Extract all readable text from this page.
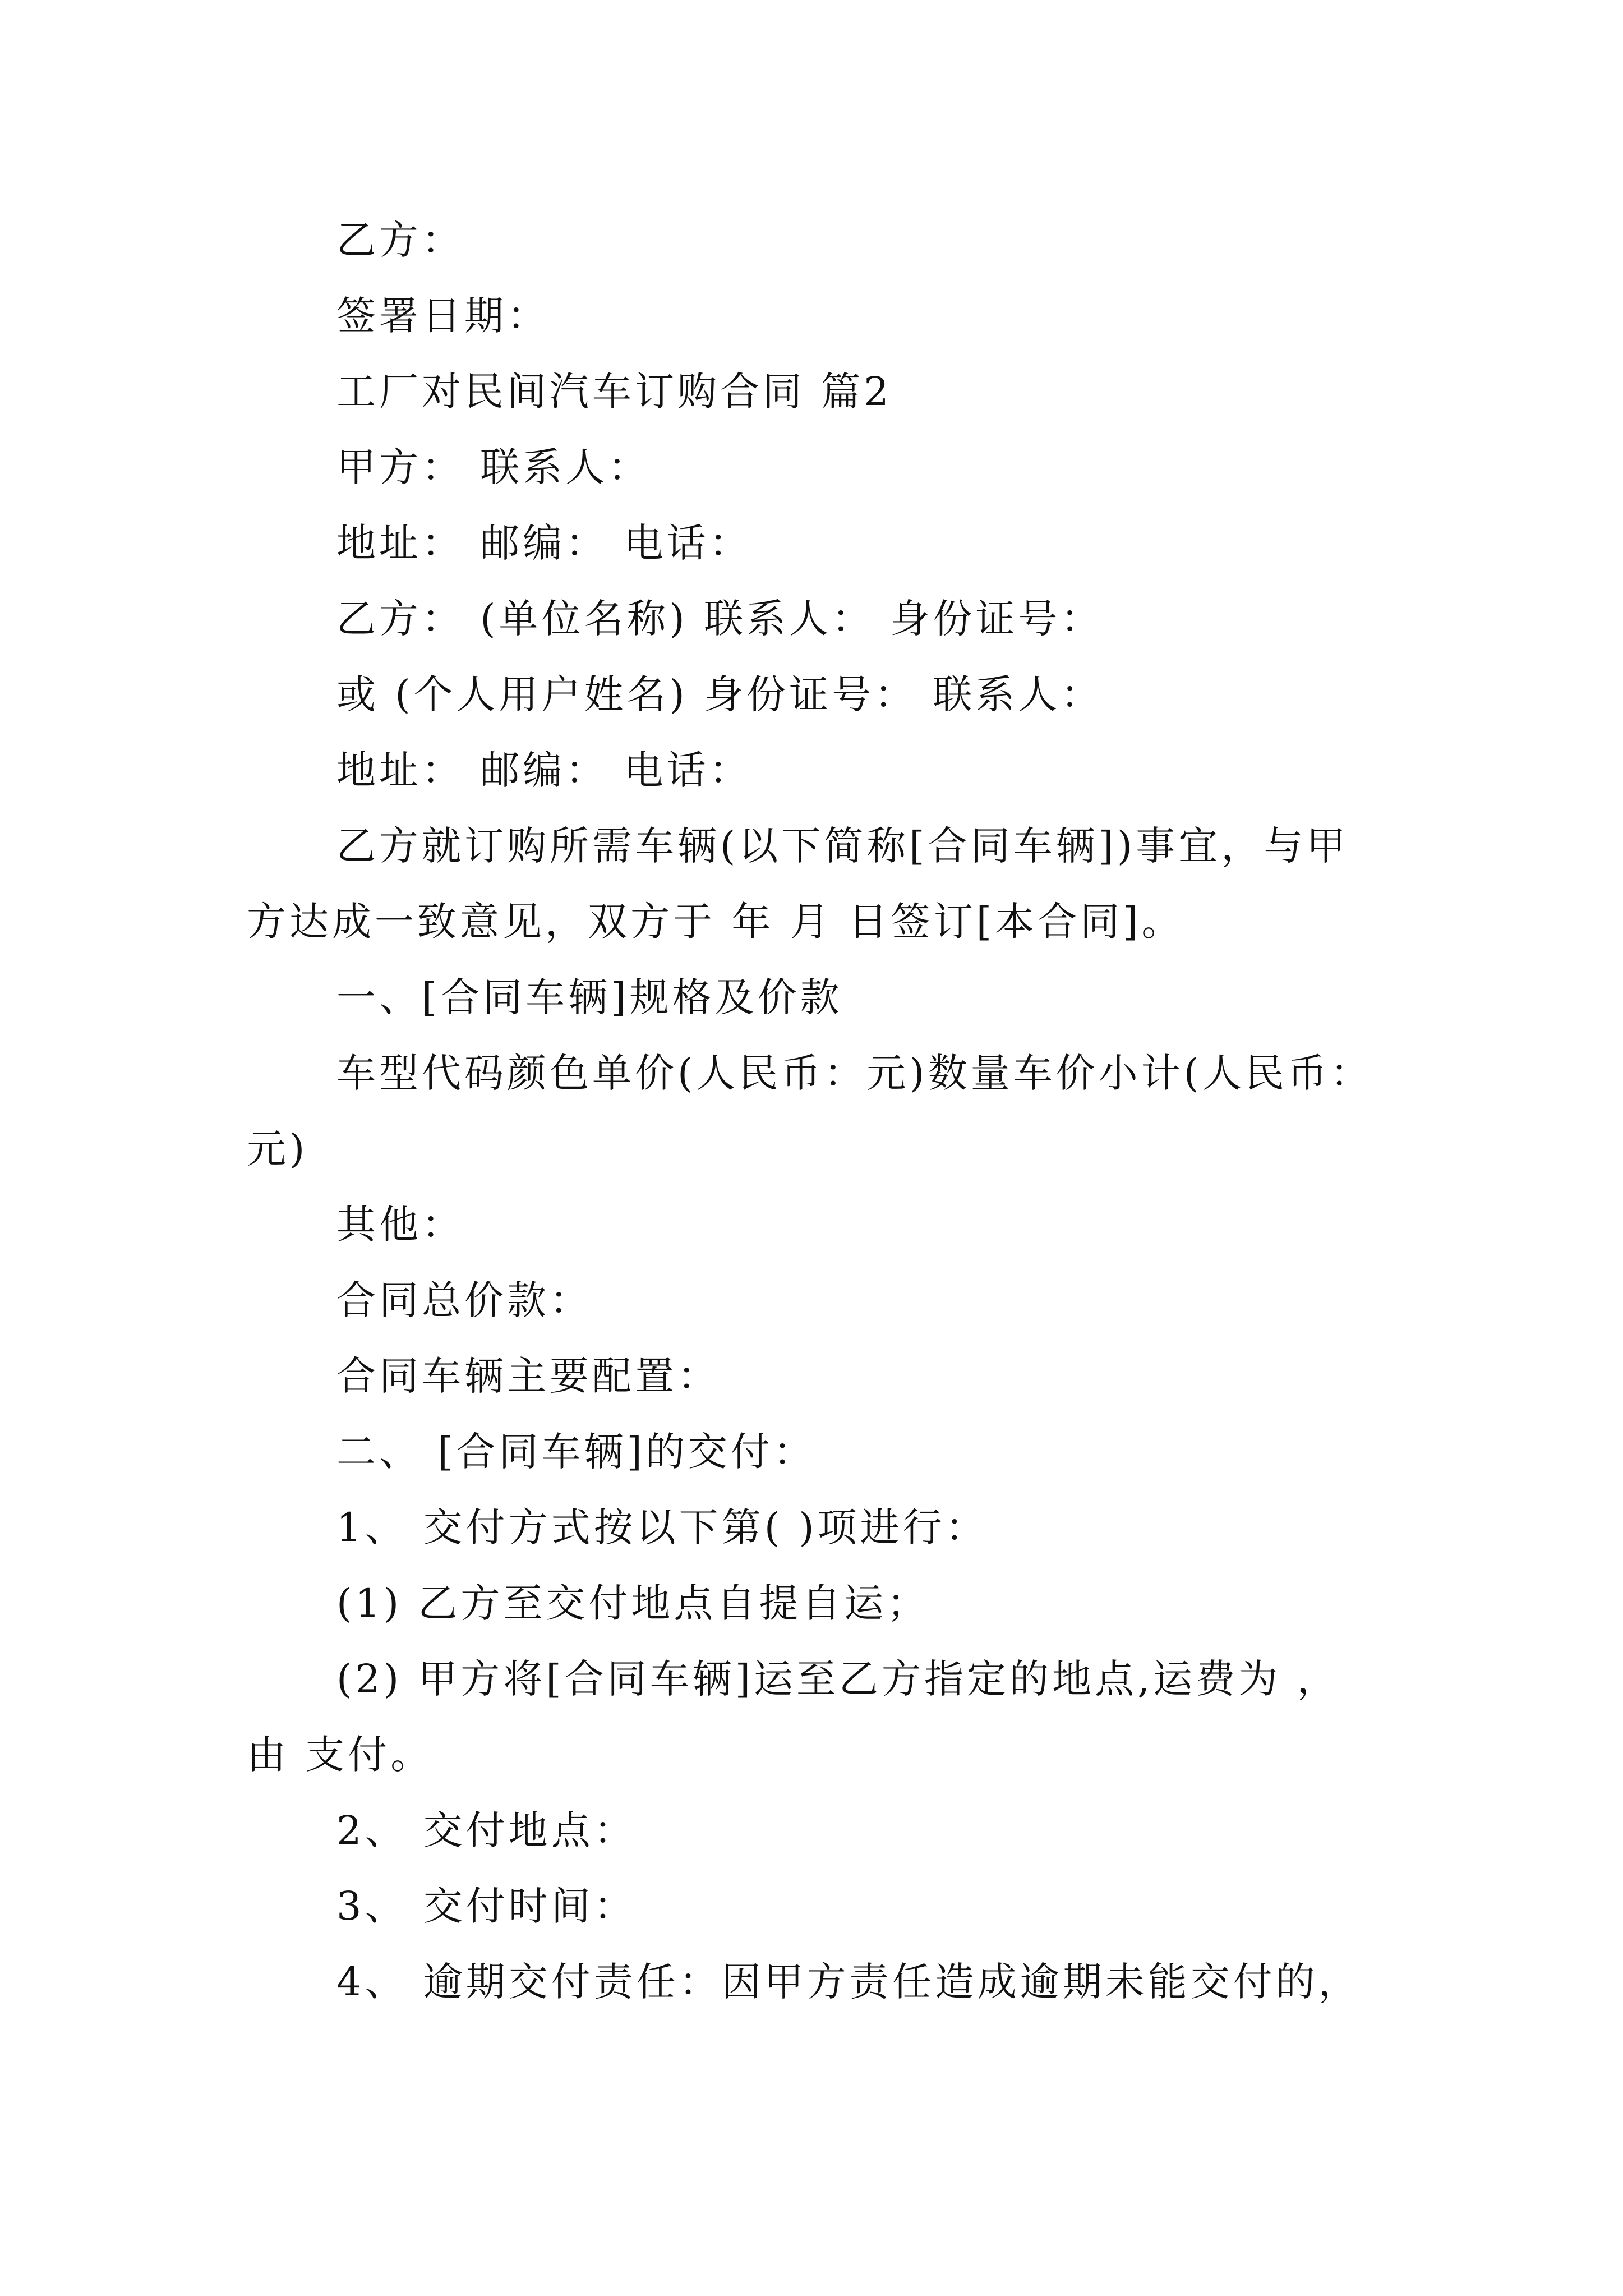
乙方：
签署日期：
工厂对民间汽车订购合同 篇2
甲方： 联系人：
地址： 邮编： 电话：
乙方： (单位名称) 联系人： 身份证号：
或 (个人用户姓名) 身份证号： 联系人：
地址： 邮编： 电话：
乙方就订购所需车辆(以下简称[合同车辆])事宜，与甲
方达成一致意见，双方于 年 月 日签订[本合同]。
一、[合同车辆]规格及价款
车型代码颜色单价(人民币：元)数量车价小计(人民币：
元)
其他：
合同总价款：
合同车辆主要配置：
二、 [合同车辆]的交付：
1、 交付方式按以下第( )项进行：
(1) 乙方至交付地点自提自运；
(2) 甲方将[合同车辆]运至乙方指定的地点,运费为 ，
由 支付。
2、 交付地点：
3、 交付时间：
4、 逾期交付责任：因甲方责任造成逾期未能交付的，
